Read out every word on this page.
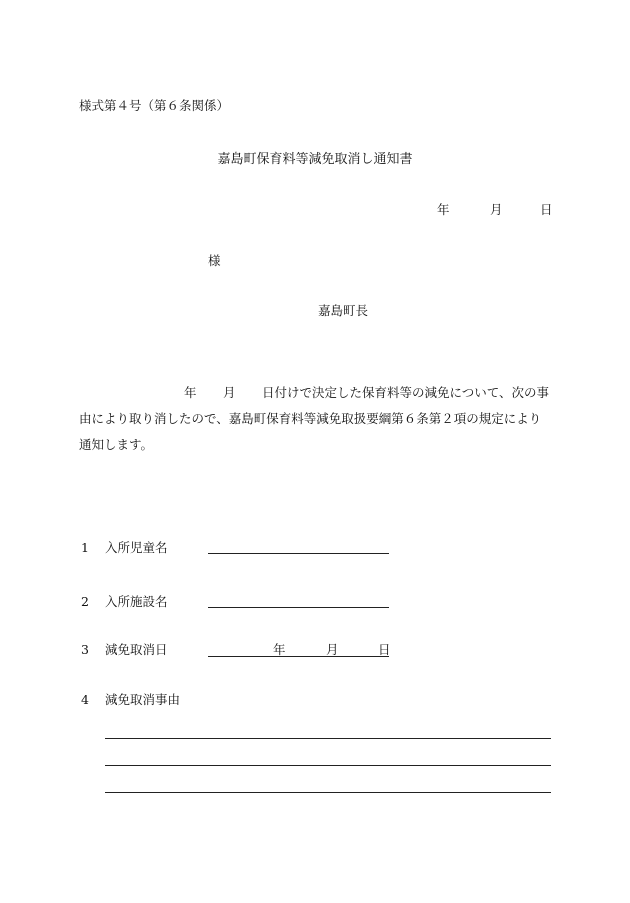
様式第４号（第６条関係）
嘉島町保育料等減免取消し通知書
年	月	日
様
嘉島町長
年 月 日付けで決定した保育料等の減免について、次の事
由により取り消したので、嘉島町保育料等減免取扱要綱第６条第２項の規定により
通知します。
1 入所児童名
2 入所施設名
3 減免取消日	年	月	日
4 減免取消事由
